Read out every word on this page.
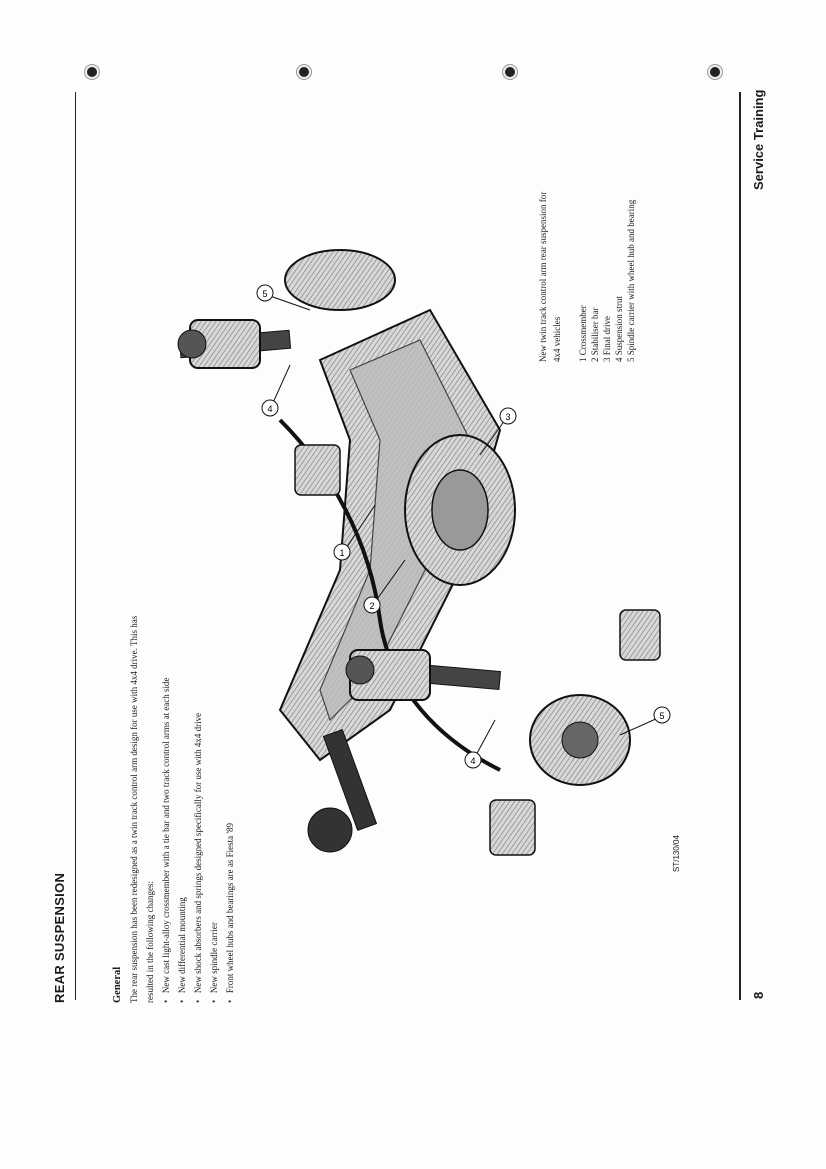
REAR SUSPENSION	8
Service Training
General The rear suspension has been redesigned as a twin track control arm design for use with 4x4 drive. This has resulted in the following changes: •   New cast light-alloy crossmember with a tie bar and two track control arms at each side
•   New differential mounting
•   New shock absorbers and springs designed specifically for use with 4x4 drive
•   New spindle carrier
•   Front wheel hubs and bearings are as Fiesta '89	ST/130/04
New twin track control arm rear suspension for 4x4 vehicles 1 Crossmember 2 Stabiliser bar 3 Final drive 4 Suspension strut 5 Spindle carrier with wheel hub and bearing
1
2
3
4
4
5
5
